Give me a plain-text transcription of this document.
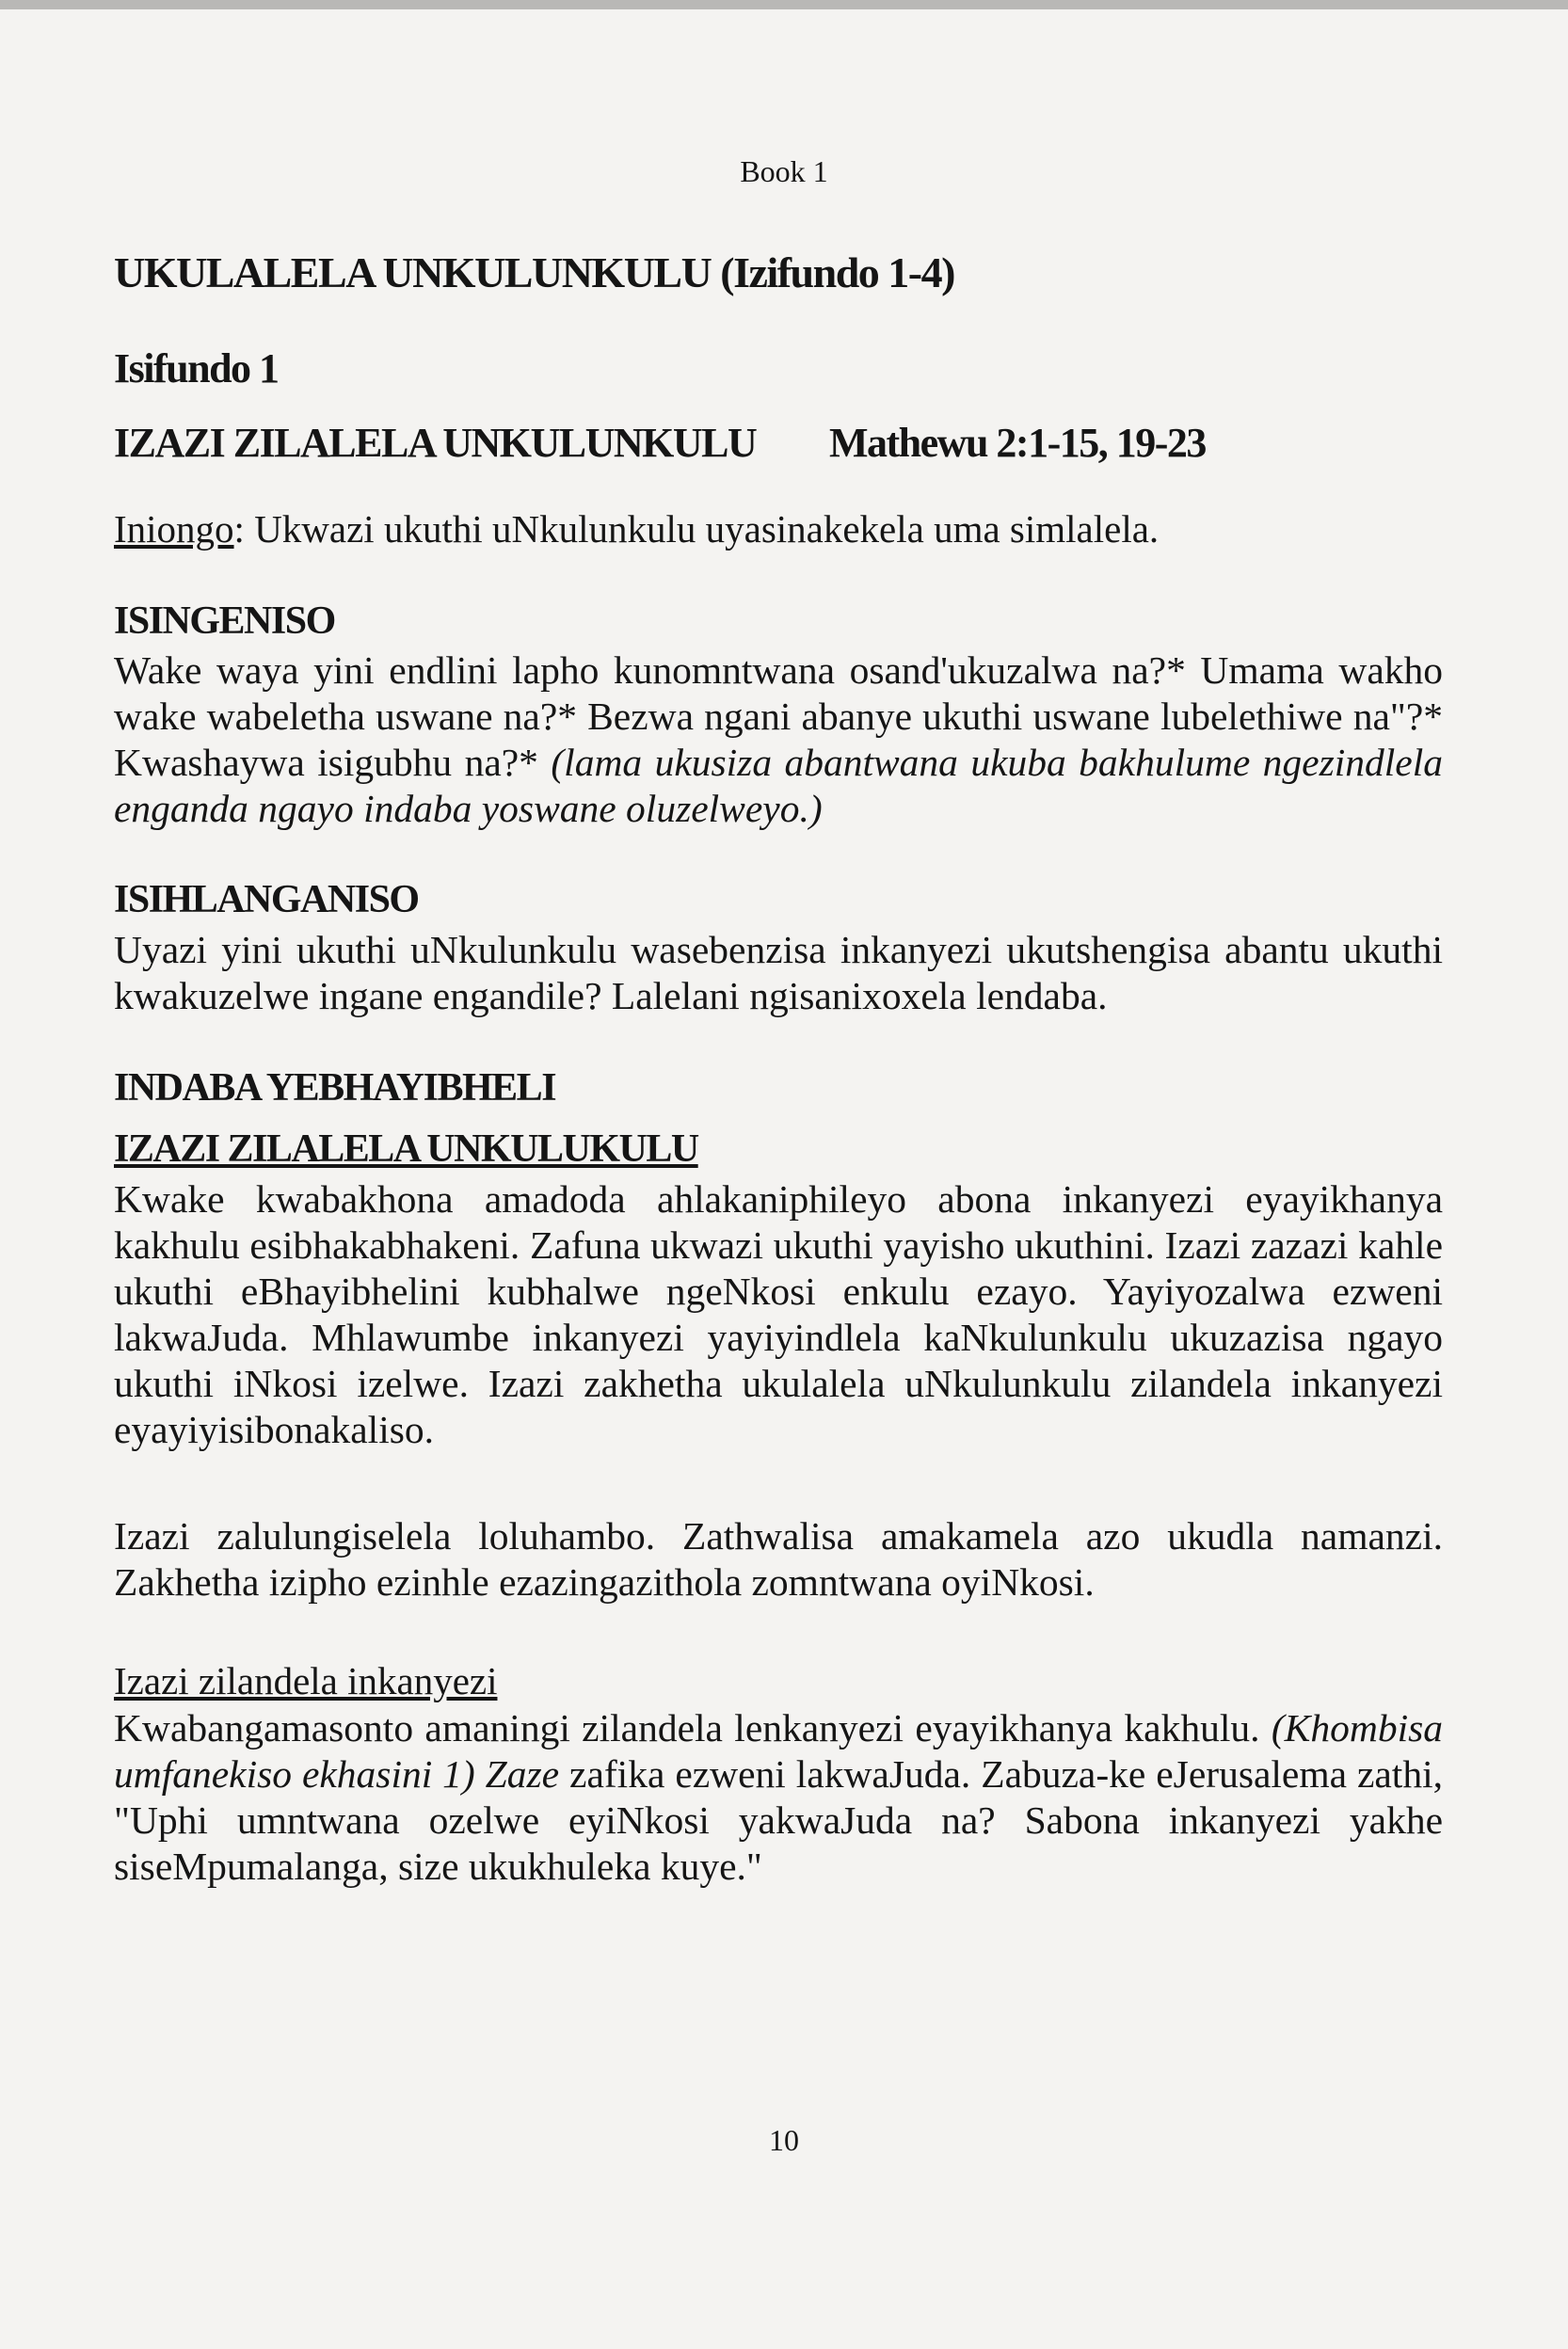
Book 1
UKULALELA UNKULUNKULU (Izifundo 1-4)
Isifundo 1
IZAZI ZILALELA UNKULUNKULU Mathewu 2:1-15, 19-23
Iniongo: Ukwazi ukuthi uNkulunkulu uyasinakekela uma simlalela.
ISINGENISO
Wake waya yini endlini lapho kunomntwana osand'ukuzalwa na?* Umama wakho wake wabeletha uswane na?* Bezwa ngani abanye ukuthi uswane lubelethiwe na"?* Kwashaywa isigubhu na?* (lama ukusiza abantwana ukuba bakhulume ngezindlela enganda ngayo indaba yoswane oluzelweyo.)
ISIHLANGANISO
Uyazi yini ukuthi uNkulunkulu wasebenzisa inkanyezi ukutshengisa abantu ukuthi kwakuzelwe ingane engandile? Lalelani ngisanixoxela lendaba.
INDABA YEBHAYIBHELI
IZAZI ZILALELA UNKULUKULU
Kwake kwabakhona amadoda ahlakaniphileyo abona inkanyezi eyayikhanya kakhulu esibhakabhakeni. Zafuna ukwazi ukuthi yayisho ukuthini. Izazi zazazi kahle ukuthi eBhayibhelini kubhalwe ngeNkosi enkulu ezayo. Yayiyozalwa ezweni lakwaJuda. Mhlawumbe inkanyezi yayiyindlela kaNkulunkulu ukuzazisa ngayo ukuthi iNkosi izelwe. Izazi zakhetha ukulalela uNkulunkulu zilandela inkanyezi eyayiyisibonakaliso.
Izazi zalulungiselela loluhambo. Zathwalisa amakamela azo ukudla namanzi. Zakhetha izipho ezinhle ezazingazithola zomntwana oyiNkosi.
Izazi zilandela inkanyezi
Kwabangamasonto amaningi zilandela lenkanyezi eyayikhanya kakhulu. (Khombisa umfanekiso ekhasini 1) Zaze zafika ezweni lakwaJuda. Zabuza-ke eJerusalema zathi, "Uphi umntwana ozelwe eyiNkosi yakwaJuda na? Sabona inkanyezi yakhe siseMpumalanga, size ukukhuleka kuye."
10
